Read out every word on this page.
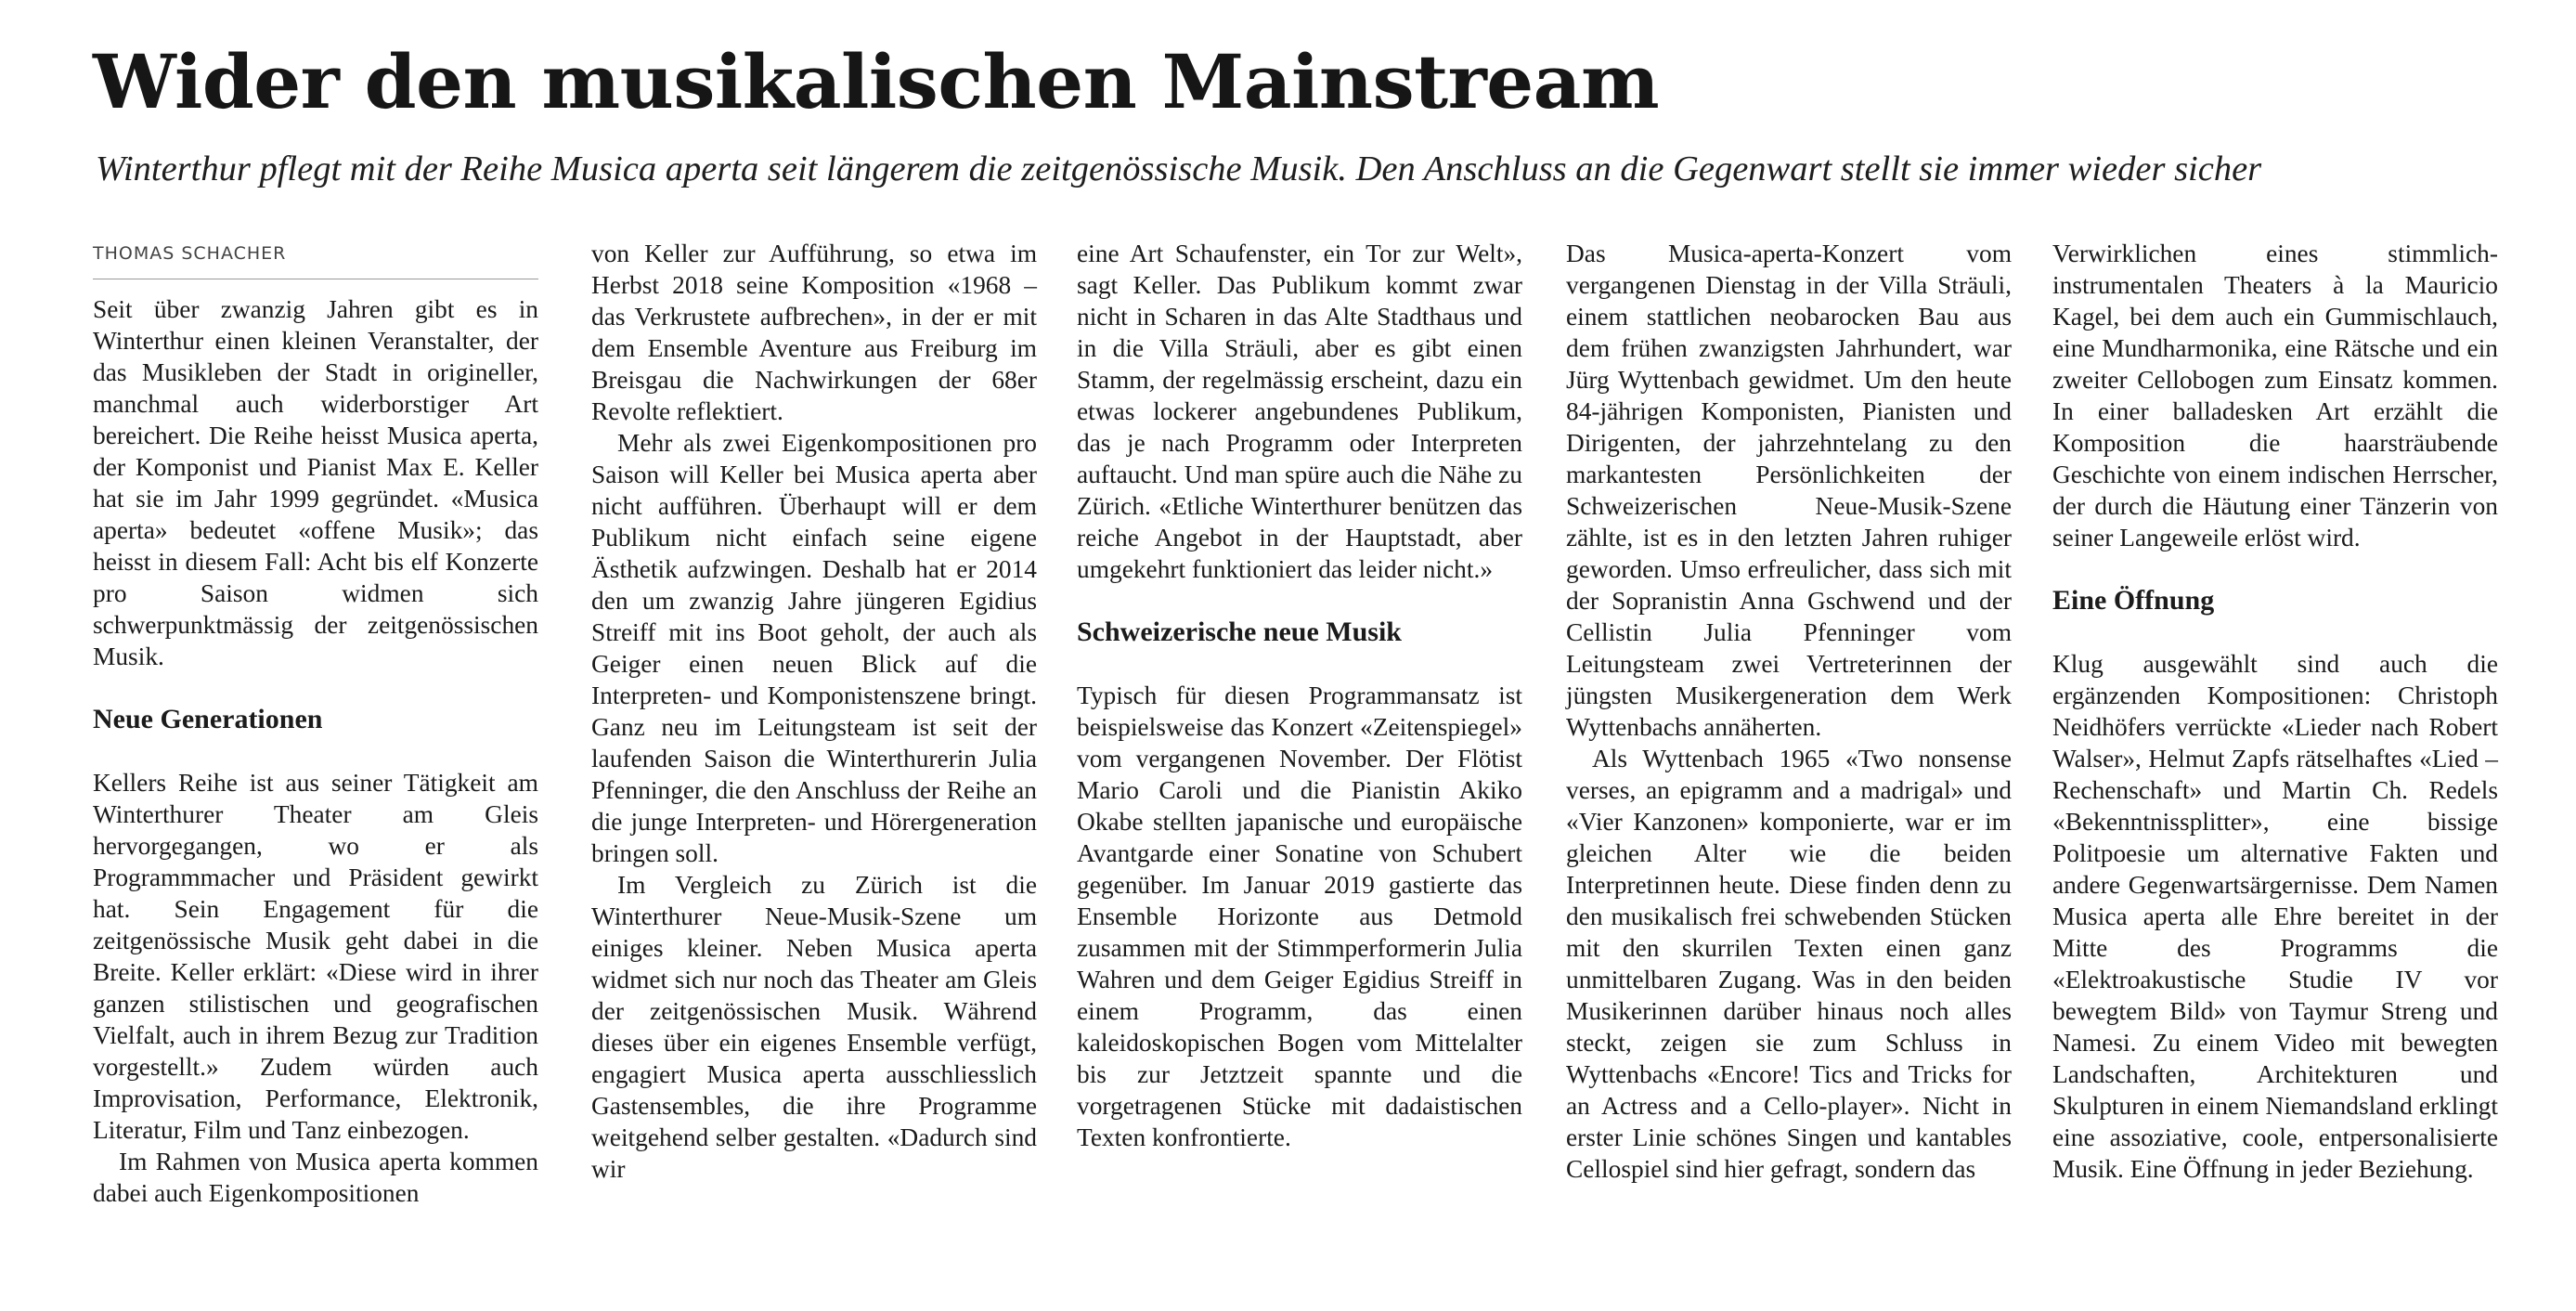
Wider den musikalischen Mainstream

Winterthur pflegt mit der Reihe Musica aperta seit längerem die zeitgenössische Musik. Den Anschluss an die Gegenwart stellt sie immer wieder sicher

THOMAS SCHACHER

Seit über zwanzig Jahren gibt es in Winterthur einen kleinen Veranstalter, der das Musikleben der Stadt in origineller, manchmal auch widerborstiger Art bereichert. Die Reihe heisst Musica aperta, der Komponist und Pianist Max E. Keller hat sie im Jahr 1999 gegründet. «Musica aperta» bedeutet «offene Musik»; das heisst in diesem Fall: Acht bis elf Konzerte pro Saison widmen sich schwerpunktmässig der zeitgenössischen Musik.

Neue Generationen

Kellers Reihe ist aus seiner Tätigkeit am Winterthurer Theater am Gleis hervorgegangen, wo er als Programmmacher und Präsident gewirkt hat. Sein Engagement für die zeitgenössische Musik geht dabei in die Breite. Keller erklärt: «Diese wird in ihrer ganzen stilistischen und geografischen Vielfalt, auch in ihrem Bezug zur Tradition vorgestellt.» Zudem würden auch Improvisation, Performance, Elektronik, Literatur, Film und Tanz einbezogen.

Im Rahmen von Musica aperta kommen dabei auch Eigenkompositionen

von Keller zur Aufführung, so etwa im Herbst 2018 seine Komposition «1968 – das Verkrustete aufbrechen», in der er mit dem Ensemble Aventure aus Freiburg im Breisgau die Nachwirkungen der 68er Revolte reflektiert.

Mehr als zwei Eigenkompositionen pro Saison will Keller bei Musica aperta aber nicht aufführen. Überhaupt will er dem Publikum nicht einfach seine eigene Ästhetik aufzwingen. Deshalb hat er 2014 den um zwanzig Jahre jüngeren Egidius Streiff mit ins Boot geholt, der auch als Geiger einen neuen Blick auf die Interpreten- und Komponistenszene bringt. Ganz neu im Leitungsteam ist seit der laufenden Saison die Winterthurerin Julia Pfenninger, die den Anschluss der Reihe an die junge Interpreten- und Hörergeneration bringen soll.

Im Vergleich zu Zürich ist die Winterthurer Neue-Musik-Szene um einiges kleiner. Neben Musica aperta widmet sich nur noch das Theater am Gleis der zeitgenössischen Musik. Während dieses über ein eigenes Ensemble verfügt, engagiert Musica aperta ausschliesslich Gastensembles, die ihre Programme weitgehend selber gestalten. «Dadurch sind wir

eine Art Schaufenster, ein Tor zur Welt», sagt Keller. Das Publikum kommt zwar nicht in Scharen in das Alte Stadthaus und in die Villa Sträuli, aber es gibt einen Stamm, der regelmässig erscheint, dazu ein etwas lockerer angebundenes Publikum, das je nach Programm oder Interpreten auftaucht. Und man spüre auch die Nähe zu Zürich. «Etliche Winterthurer benützen das reiche Angebot in der Hauptstadt, aber umgekehrt funktioniert das leider nicht.»

Schweizerische neue Musik

Typisch für diesen Programmansatz ist beispielsweise das Konzert «Zeitenspiegel» vom vergangenen November. Der Flötist Mario Caroli und die Pianistin Akiko Okabe stellten japanische und europäische Avantgarde einer Sonatine von Schubert gegenüber. Im Januar 2019 gastierte das Ensemble Horizonte aus Detmold zusammen mit der Stimmperformerin Julia Wahren und dem Geiger Egidius Streiff in einem Programm, das einen kaleidoskopischen Bogen vom Mittelalter bis zur Jetztzeit spannte und die vorgetragenen Stücke mit dadaistischen Texten konfrontierte.

Das Musica-aperta-Konzert vom vergangenen Dienstag in der Villa Sträuli, einem stattlichen neobarocken Bau aus dem frühen zwanzigsten Jahrhundert, war Jürg Wyttenbach gewidmet. Um den heute 84-jährigen Komponisten, Pianisten und Dirigenten, der jahrzehntelang zu den markantesten Persönlichkeiten der Schweizerischen Neue-Musik-Szene zählte, ist es in den letzten Jahren ruhiger geworden. Umso erfreulicher, dass sich mit der Sopranistin Anna Gschwend und der Cellistin Julia Pfenninger vom Leitungsteam zwei Vertreterinnen der jüngsten Musikergeneration dem Werk Wyttenbachs annäherten.

Als Wyttenbach 1965 «Two nonsense verses, an epigramm and a madrigal» und «Vier Kanzonen» komponierte, war er im gleichen Alter wie die beiden Interpretinnen heute. Diese finden denn zu den musikalisch frei schwebenden Stücken mit den skurrilen Texten einen ganz unmittelbaren Zugang. Was in den beiden Musikerinnen darüber hinaus noch alles steckt, zeigen sie zum Schluss in Wyttenbachs «Encore! Tics and Tricks for an Actress and a Cello-player». Nicht in erster Linie schönes Singen und kantables Cellospiel sind hier gefragt, sondern das

Verwirklichen eines stimmlich-instrumentalen Theaters à la Mauricio Kagel, bei dem auch ein Gummischlauch, eine Mundharmonika, eine Rätsche und ein zweiter Cellobogen zum Einsatz kommen. In einer balladesken Art erzählt die Komposition die haarsträubende Geschichte von einem indischen Herrscher, der durch die Häutung einer Tänzerin von seiner Langeweile erlöst wird.

Eine Öffnung

Klug ausgewählt sind auch die ergänzenden Kompositionen: Christoph Neidhöfers verrückte «Lieder nach Robert Walser», Helmut Zapfs rätselhaftes «Lied – Rechenschaft» und Martin Ch. Redels «Bekenntnissplitter», eine bissige Politpoesie um alternative Fakten und andere Gegenwartsärgernisse. Dem Namen Musica aperta alle Ehre bereitet in der Mitte des Programms die «Elektroakustische Studie IV vor bewegtem Bild» von Taymur Streng und Namesi. Zu einem Video mit bewegten Landschaften, Architekturen und Skulpturen in einem Niemandsland erklingt eine assoziative, coole, entpersonalisierte Musik. Eine Öffnung in jeder Beziehung.
